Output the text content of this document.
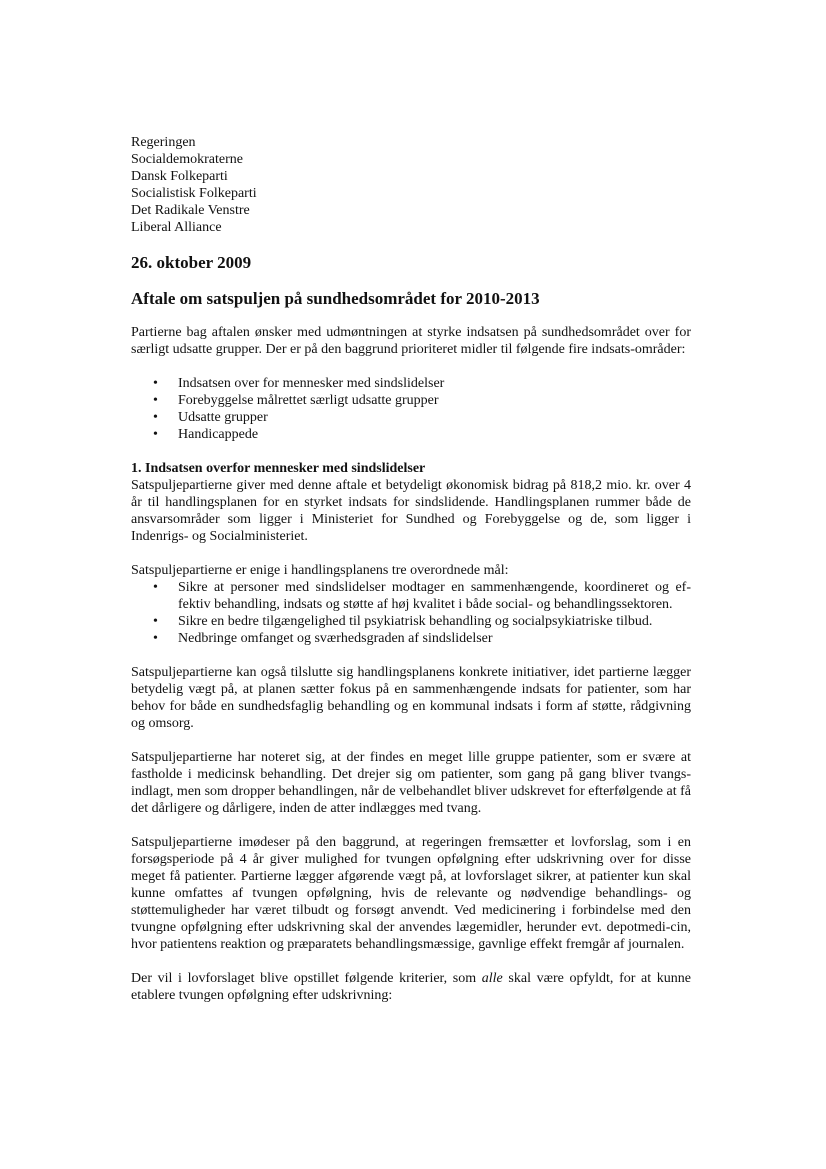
Regeringen
Socialdemokraterne
Dansk Folkeparti
Socialistisk Folkeparti
Det Radikale Venstre
Liberal Alliance
26. oktober 2009
Aftale om satspuljen på sundhedsområdet for 2010-2013

Partierne bag aftalen ønsker med udmøntningen at styrke indsatsen på sundhedsområdet over for særligt udsatte grupper. Der er på den baggrund prioriteret midler til følgende fire indsats-områder:

• Indsatsen over for mennesker med sindslidelser
• Forebyggelse målrettet særligt udsatte grupper
• Udsatte grupper
• Handicappede
1. Indsatsen overfor mennesker med sindslidelser

Satspuljepartierne giver med denne aftale et betydeligt økonomisk bidrag på 818,2 mio. kr. over 4 år til handlingsplanen for en styrket indsats for sindslidende. Handlingsplanen rummer både de ansvarsområder som ligger i Ministeriet for Sundhed og Forebyggelse og de, som ligger i Indenrigs- og Socialministeriet.

Satspuljepartierne er enige i handlingsplanens tre overordnede mål:

• Sikre at personer med sindslidelser modtager en sammenhængende, koordineret og ef-fektiv behandling, indsats og støtte af høj kvalitet i både social- og behandlingssektoren.
• Sikre en bedre tilgængelighed til psykiatrisk behandling og socialpsykiatriske tilbud.
• Nedbringe omfanget og sværhedsgraden af sindslidelser

Satspuljepartierne kan også tilslutte sig handlingsplanens konkrete initiativer, idet partierne lægger betydelig vægt på, at planen sætter fokus på en sammenhængende indsats for patienter, som har behov for både en sundhedsfaglig behandling og en kommunal indsats i form af støtte, rådgivning og omsorg.

Satspuljepartierne har noteret sig, at der findes en meget lille gruppe patienter, som er svære at fastholde i medicinsk behandling. Det drejer sig om patienter, som gang på gang bliver tvangs-indlagt, men som dropper behandlingen, når de velbehandlet bliver udskrevet for efterfølgende at få det dårligere og dårligere, inden de atter indlægges med tvang.

Satspuljepartierne imødeser på den baggrund, at regeringen fremsætter et lovforslag, som i en forsøgsperiode på 4 år giver mulighed for tvungen opfølgning efter udskrivning over for disse meget få patienter. Partierne lægger afgørende vægt på, at lovforslaget sikrer, at patienter kun skal kunne omfattes af tvungen opfølgning, hvis de relevante og nødvendige behandlings- og støttemuligheder har været tilbudt og forsøgt anvendt. Ved medicinering i forbindelse med den tvungne opfølgning efter udskrivning skal der anvendes lægemidler, herunder evt. depotmedi-cin, hvor patientens reaktion og præparatets behandlingsmæssige, gavnlige effekt fremgår af journalen.

Der vil i lovforslaget blive opstillet følgende kriterier, som alle skal være opfyldt, for at kunne etablere tvungen opfølgning efter udskrivning:
